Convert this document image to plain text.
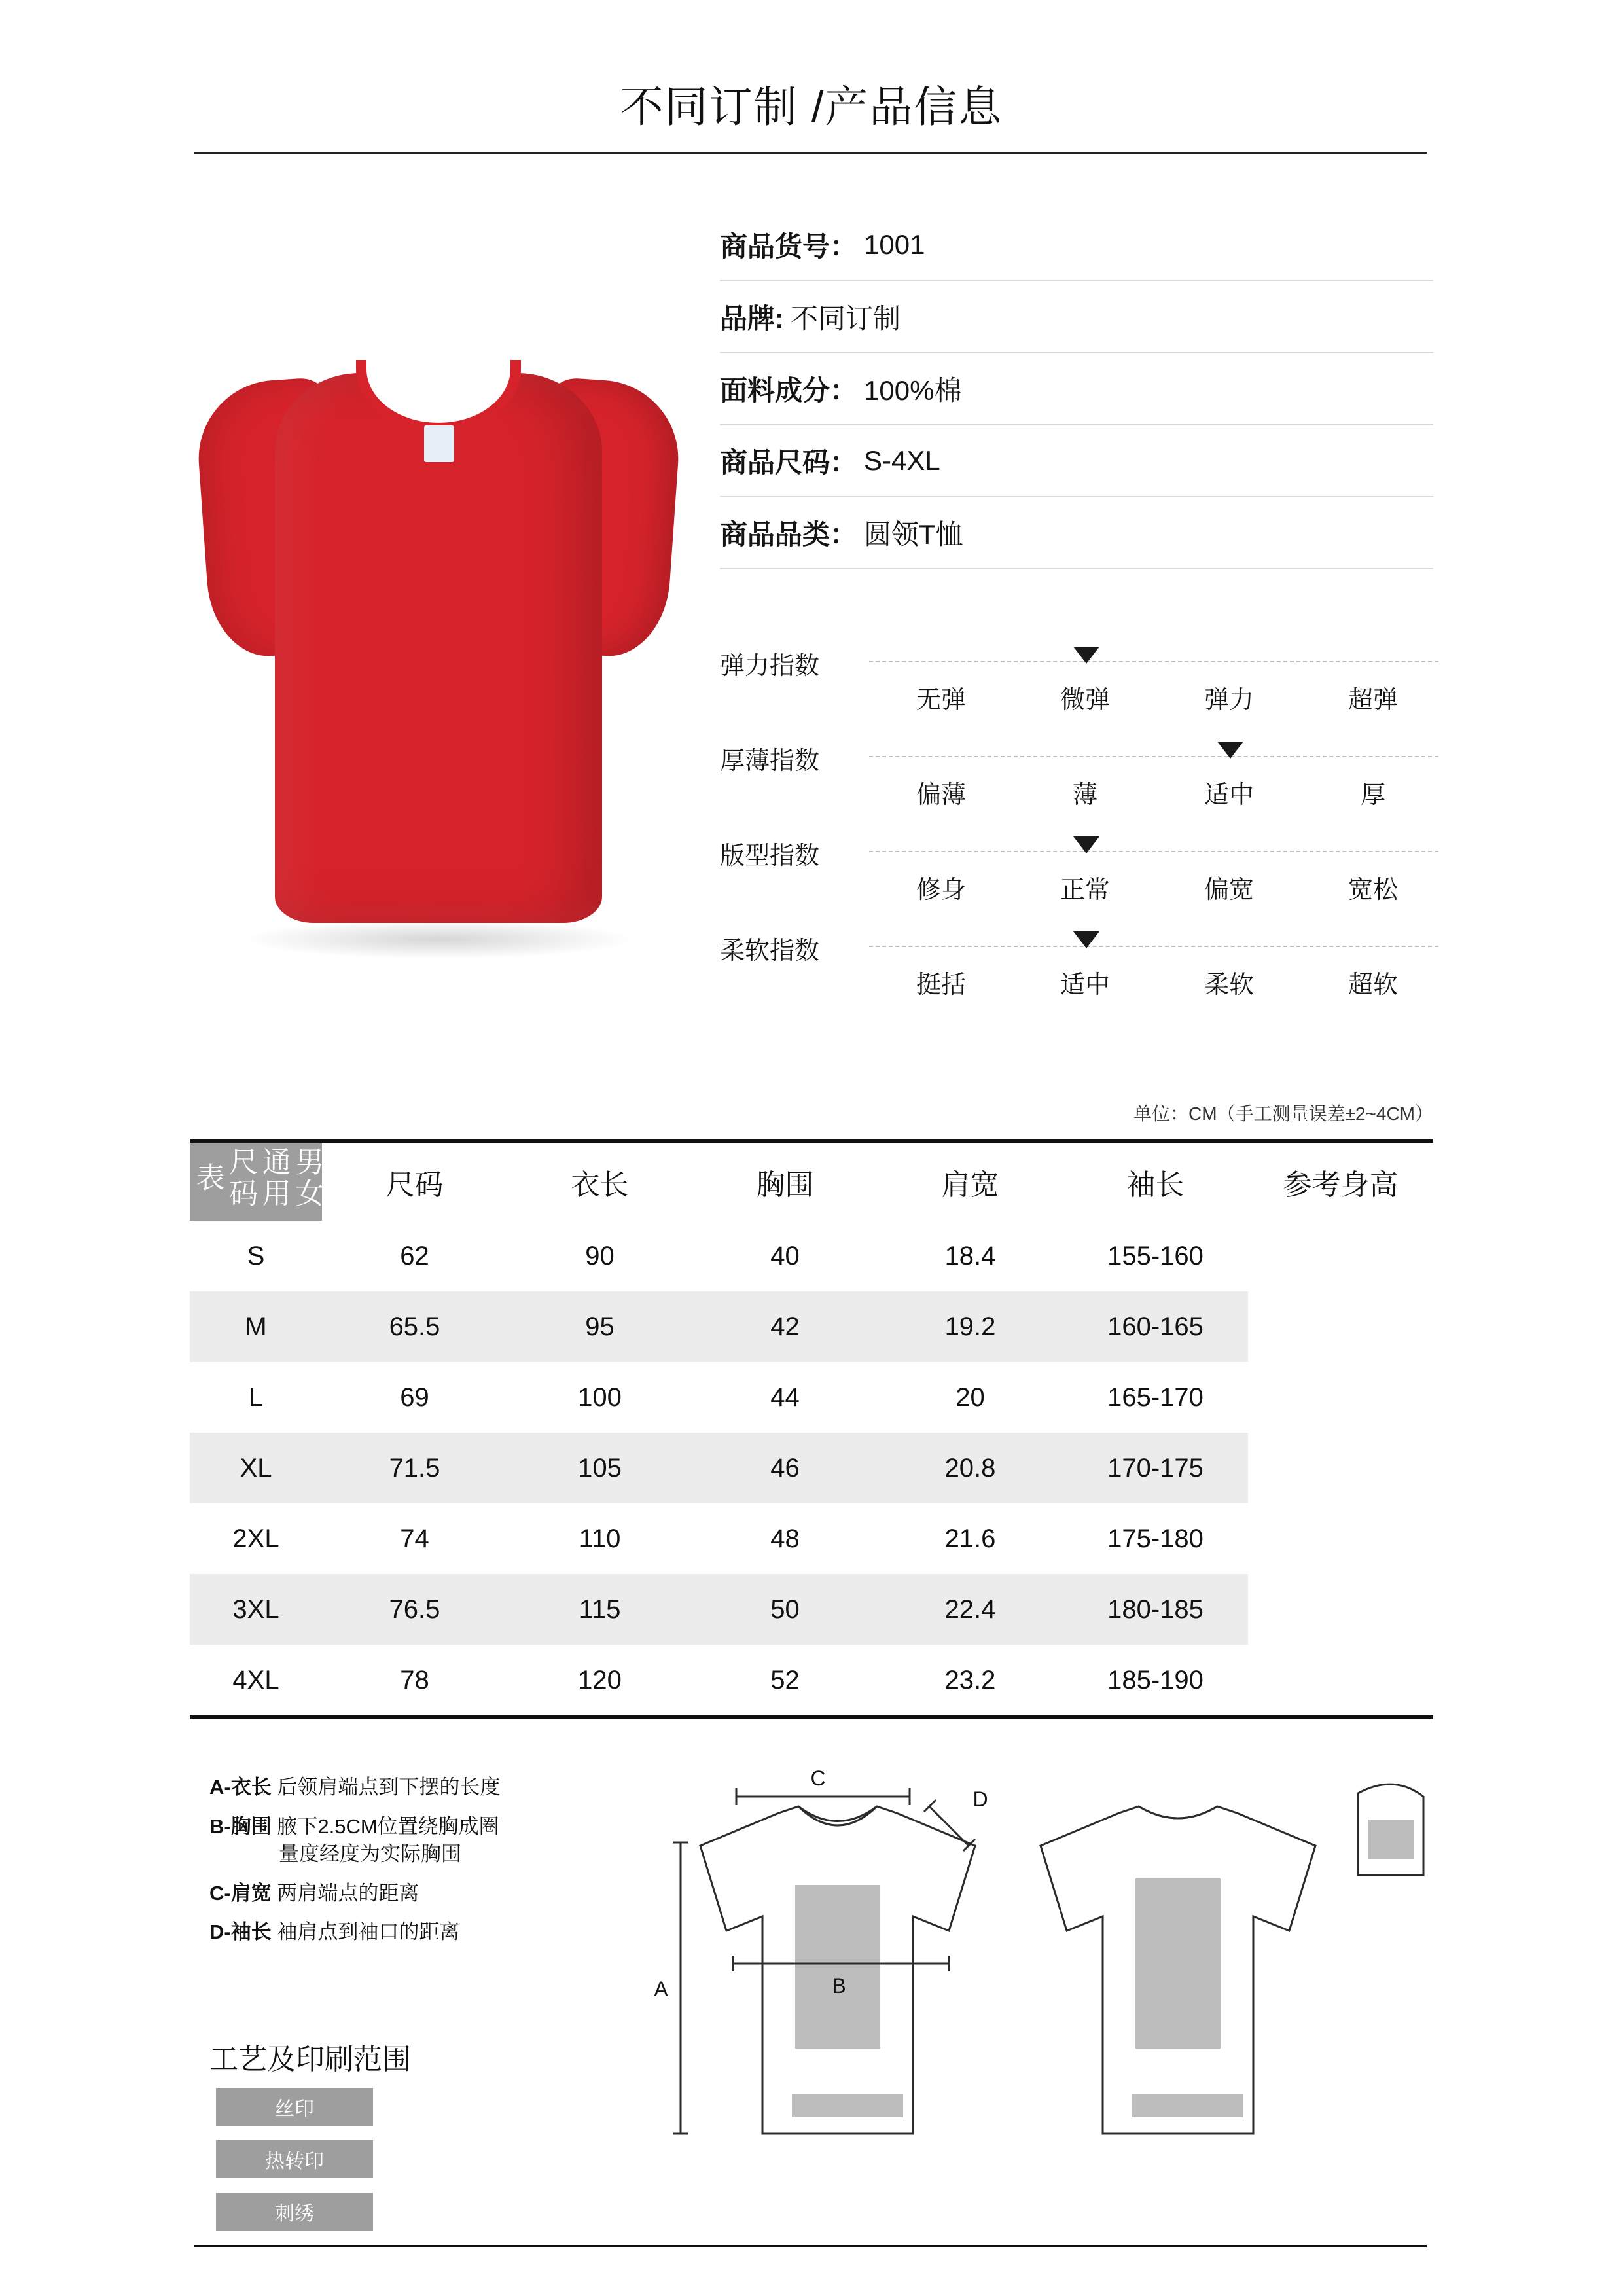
不同订制 /产品信息
商品货号： 1001
品牌: 不同订制
面料成分： 100%棉
商品尺码： S-4XL
商品品类： 圆领T恤
弹力指数
无弹	微弹	弹力	超弹
厚薄指数
偏薄	薄	适中	厚
版型指数
修身	正常	偏宽	宽松
柔软指数
挺括	适中	柔软	超软
单位：CM（手工测量误差±2~4CM）
男女通用尺码表	尺码	衣长	胸围	肩宽	袖长	参考身高
S	62	90	40	18.4	155-160	
M	65.5	95	42	19.2	160-165	
L	69	100	44	20	165-170	
XL	71.5	105	46	20.8	170-175	
2XL	74	110	48	21.6	175-180	
3XL	76.5	115	50	22.4	180-185	
4XL	78	120	52	23.2	185-190	
A-衣长 后领肩端点到下摆的长度
B-胸围 腋下2.5CM位置绕胸成圈
量度经度为实际胸围
C-肩宽 两肩端点的距离
D-袖长 袖肩点到袖口的距离
工艺及印刷范围
丝印
热转印
刺绣
C
D
A	B
